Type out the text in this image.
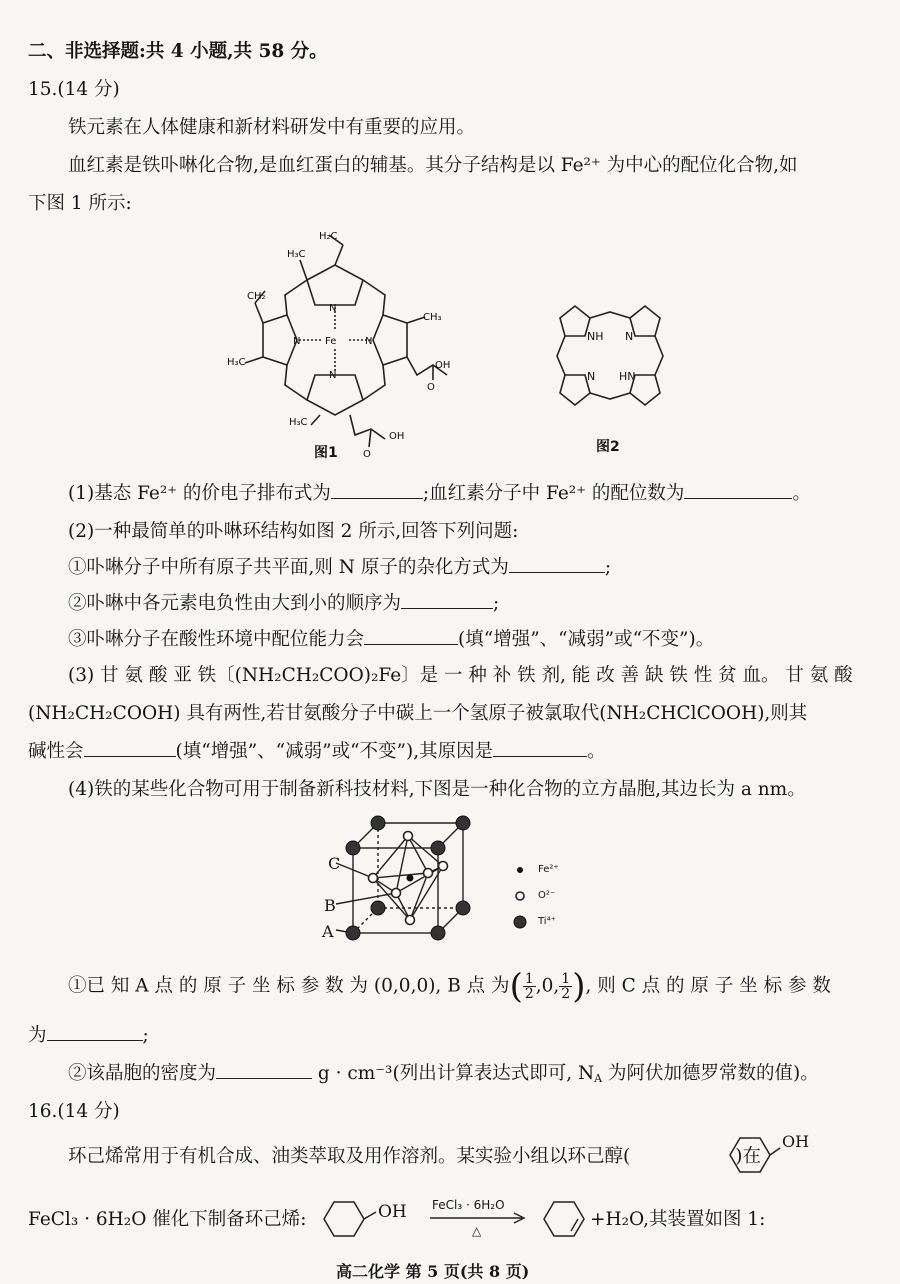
二、非选择题:共 4 小题,共 58 分。
15.(14 分)
铁元素在人体健康和新材料研发中有重要的应用。
血红素是铁卟啉化合物,是血红蛋白的辅基。其分子结构是以 Fe²⁺ 为中心的配位化合物,如
下图 1 所示:
H₂C
H₃C
CH₂
CH₃
H₃C
N
N	N
N
Fe
OH
O
H₃C
OH
O
图1
NH N
N HN
图2
(1)基态 Fe²⁺ 的价电子排布式为	;血红素分子中 Fe²⁺ 的配位数为	。
(2)一种最简单的卟啉环结构如图 2 所示,回答下列问题:
①卟啉分子中所有原子共平面,则 N 原子的杂化方式为	;
②卟啉中各元素电负性由大到小的顺序为	;
③卟啉分子在酸性环境中配位能力会	(填“增强”、“减弱”或“不变”)。
(3) 甘 氨 酸 亚 铁〔(NH₂CH₂COO)₂Fe〕是 一 种 补 铁 剂, 能 改 善 缺 铁 性 贫 血。 甘 氨 酸
(NH₂CH₂COOH) 具有两性,若甘氨酸分子中碳上一个氢原子被氯取代(NH₂CHClCOOH),则其
碱性会	(填“增强”、“减弱”或“不变”),其原因是	。
(4)铁的某些化合物可用于制备新科技材料,下图是一种化合物的立方晶胞,其边长为 a nm。
C
B
A
Fe²⁺
O²⁻
Ti⁴⁺
①已 知 A 点 的 原 子 坐 标 参 数 为 (0,0,0), B 点 为( $\frac{1}{2} ,0$, $\frac{1}{2}$ ), 则 C 点 的 原 子 坐 标 参 数
为	;
②该晶胞的密度为	g · cm⁻³(列出计算表达式即可, $N_A$ 为阿伏加德罗常数的值)。
16.(14 分)
环己烯常用于有机合成、油类萃取及用作溶剂。某实验小组以环己醇(	)在
OH
FeCl₃ · 6H₂O 催化下制备环己烯:	OH FeCl₃ · 6H₂O
△
+H₂O,其装置如图 1:
高二化学 第 5 页(共 8 页)
